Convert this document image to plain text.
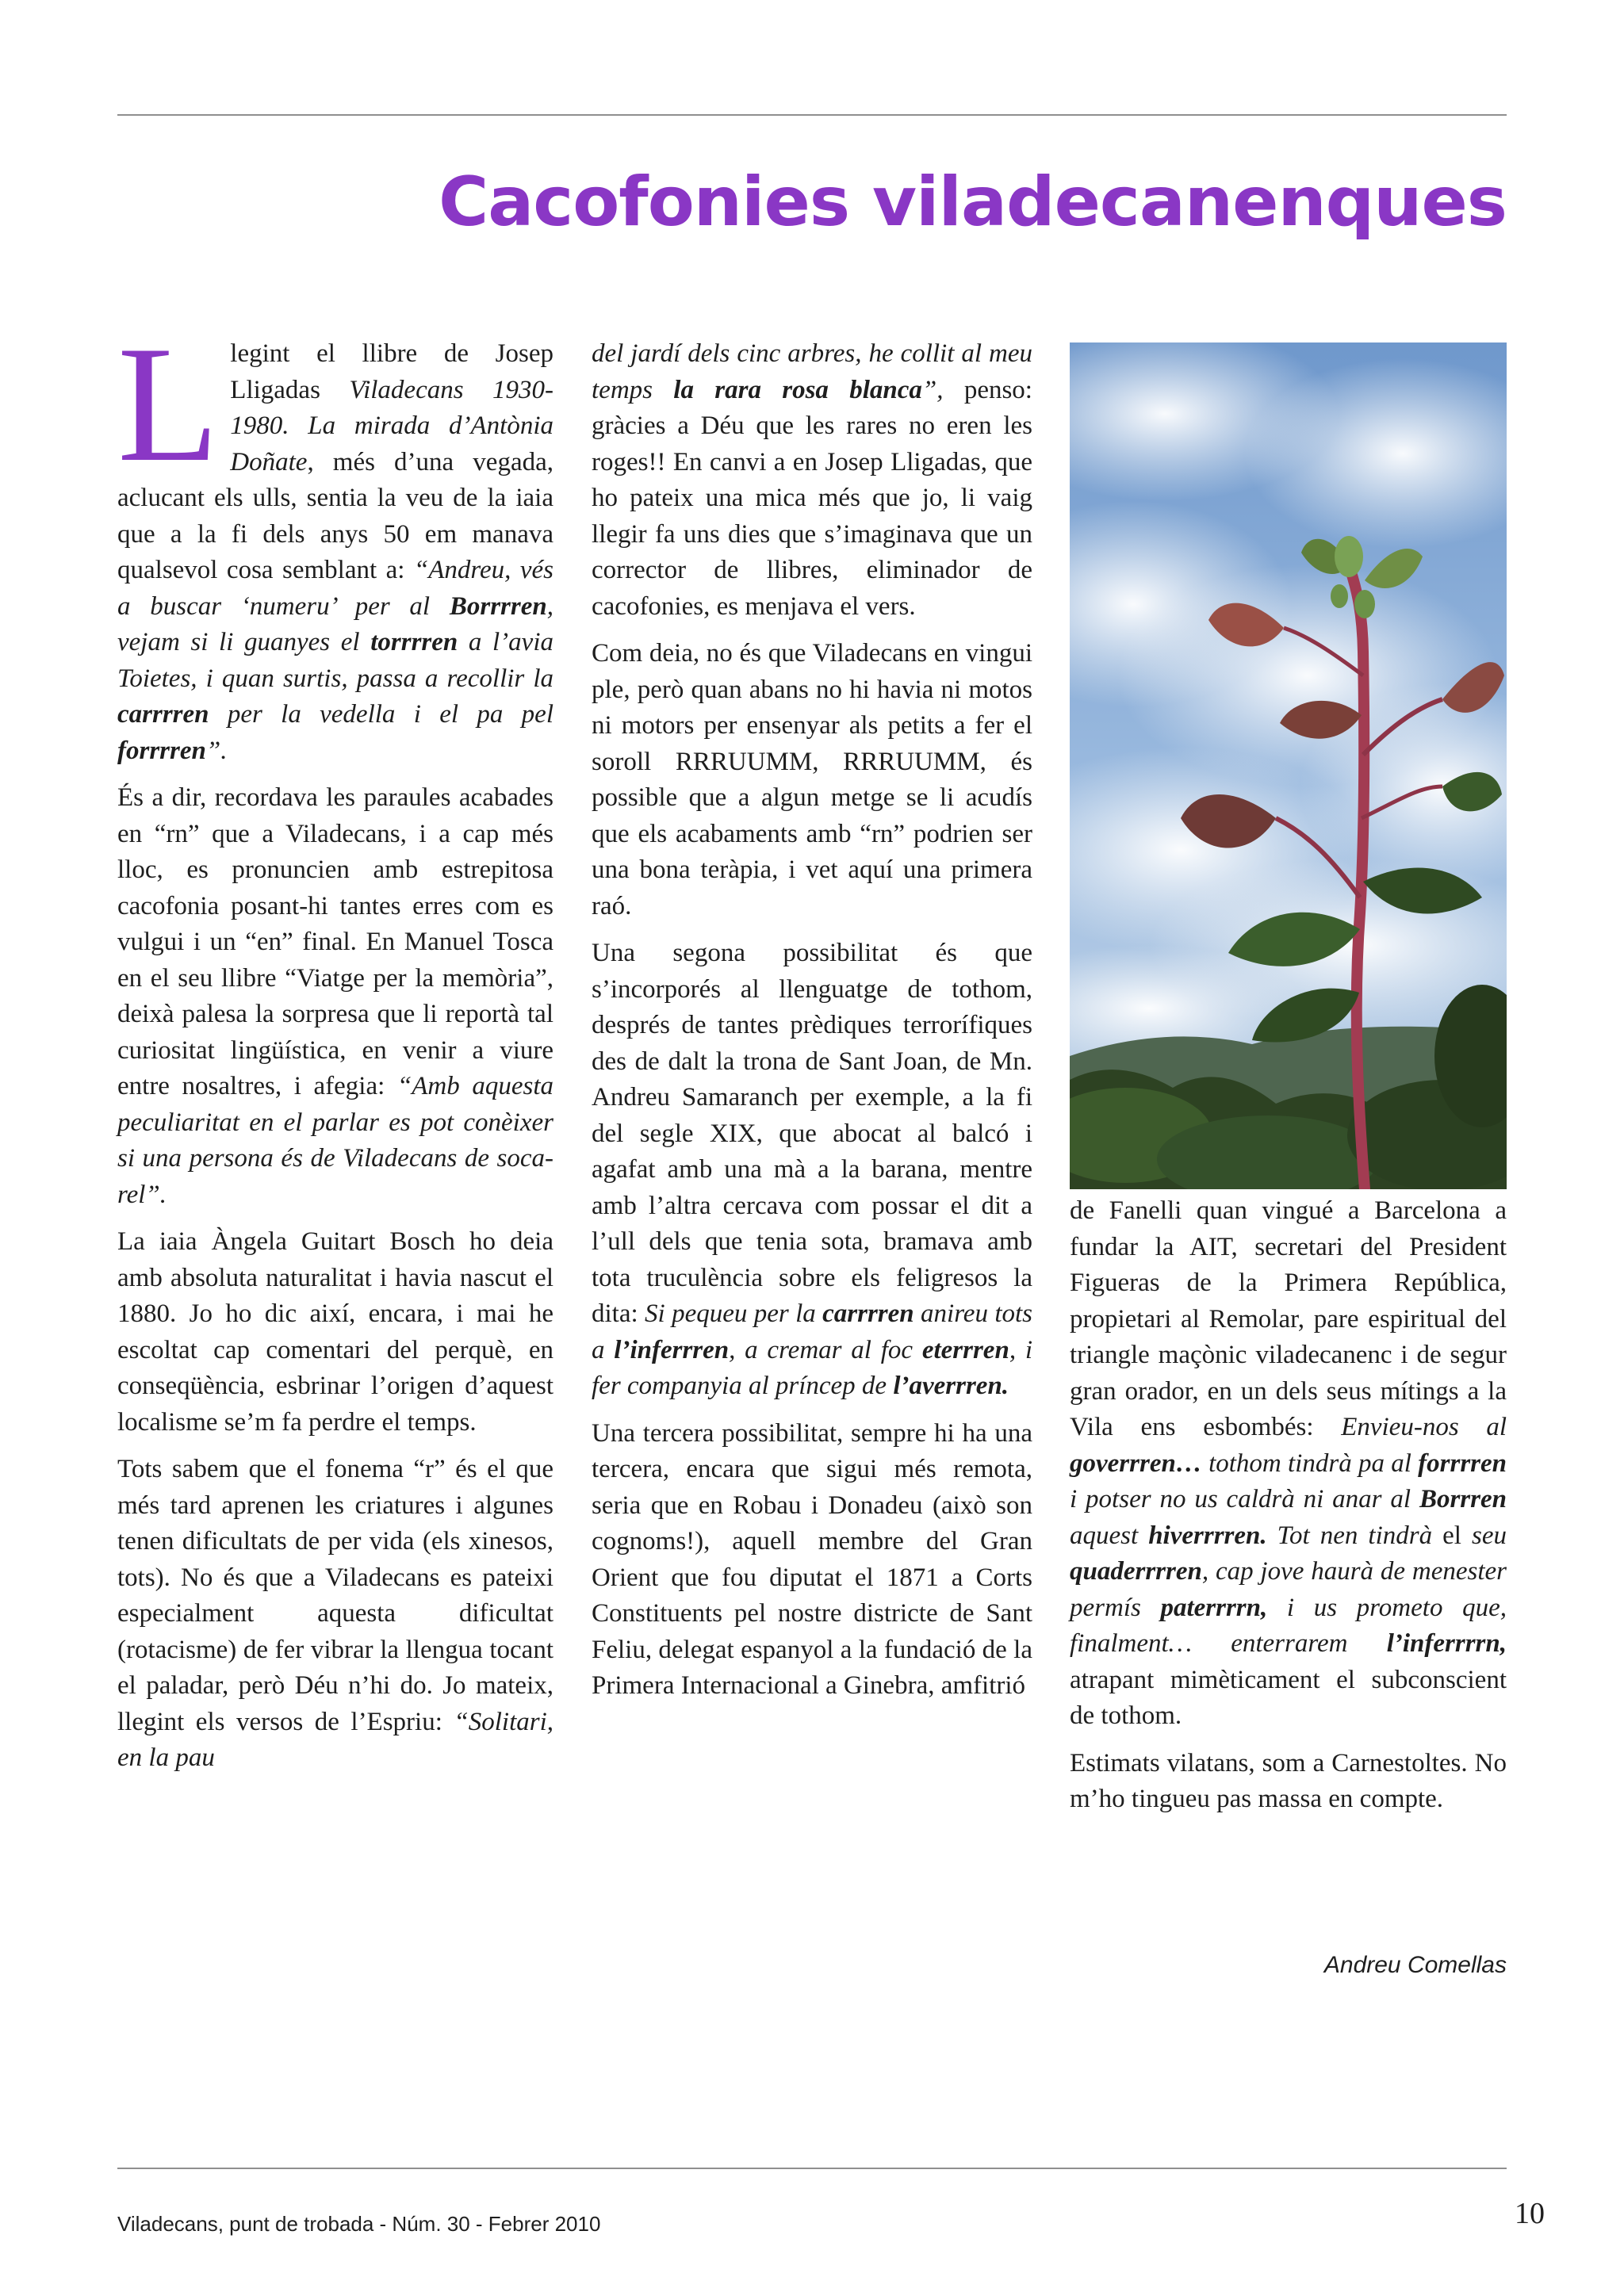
Cacofonies viladecanenques

Llegint el llibre de Josep Lligadas Viladecans 1930-1980. La mirada d’Antònia Doñate, més d’una vegada, aclucant els ulls, sentia la veu de la iaia que a la fi dels anys 50 em manava qualsevol cosa semblant a: “Andreu, vés a buscar ‘numeru’ per al Borrrren, vejam si li guanyes el torrrren a l’avia Toietes, i quan surtis, passa a recollir la carrrren per la vedella i el pa pel forrrren”.

És a dir, recordava les paraules acabades en “rn” que a Viladecans, i a cap més lloc, es pronuncien amb estrepitosa cacofonia posant-hi tantes erres com es vulgui i un “en” final. En Manuel Tosca en el seu llibre “Viatge per la memòria”, deixà palesa la sorpresa que li reportà tal curiositat lingüística, en venir a viure entre nosaltres, i afegia: “Amb aquesta peculiaritat en el parlar es pot conèixer si una persona és de Viladecans de soca-rel”.

La iaia Àngela Guitart Bosch ho deia amb absoluta naturalitat i havia nascut el 1880. Jo ho dic així, encara, i mai he escoltat cap comentari del perquè, en conseqüència, esbrinar l’origen d’aquest localisme se’m fa perdre el temps.

Tots sabem que el fonema “r” és el que més tard aprenen les criatures i algunes tenen dificultats de per vida (els xinesos, tots). No és que a Viladecans es pateixi especialment aquesta dificultat (rotacisme) de fer vibrar la llengua tocant el paladar, però Déu n’hi do. Jo mateix, llegint els versos de l’Espriu: “Solitari, en la pau

del jardí dels cinc arbres, he collit al meu temps la rara rosa blanca”, penso: gràcies a Déu que les rares no eren les roges!! En canvi a en Josep Lligadas, que ho pateix una mica més que jo, li vaig llegir fa uns dies que s’imaginava que un corrector de llibres, eliminador de cacofonies, es menjava el vers.

Com deia, no és que Viladecans en vingui ple, però quan abans no hi havia ni motos ni motors per ensenyar als petits a fer el soroll RRRUUMM, RRRUUMM, és possible que a algun metge se li acudís que els acabaments amb “rn” podrien ser una bona teràpia, i vet aquí una primera raó.

Una segona possibilitat és que s’incorporés al llenguatge de tothom, després de tantes prèdiques terrorífiques des de dalt la trona de Sant Joan, de Mn. Andreu Samaranch per exemple, a la fi del segle XIX, que abocat al balcó i agafat amb una mà a la barana, mentre amb l’altra cercava com possar el dit a l’ull dels que tenia sota, bramava amb tota truculència sobre els feligresos la dita: Si pequeu per la carrrren anireu tots a l’inferrren, a cremar al foc eterrren, i fer companyia al príncep de l’averrren.

Una tercera possibilitat, sempre hi ha una tercera, encara que sigui més remota, seria que en Robau i Donadeu (això son cognoms!), aquell membre del Gran Orient que fou diputat el 1871 a Corts Constituents pel nostre districte de Sant Feliu, delegat espanyol a la fundació de la Primera Internacional a Ginebra, amfitrió

de Fanelli quan vingué a Barcelona a fundar la AIT, secretari del President Figueras de la Primera República, propietari al Remolar, pare espiritual del triangle maçònic viladecanenc i de segur gran orador, en un dels seus mítings a la Vila ens esbombés: Envieu-nos al goverrren… tothom tindrà pa al forrrren i potser no us caldrà ni anar al Borrren aquest hiverrrren. Tot nen tindrà el seu quaderrrren, cap jove haurà de menester permís paterrrrn, i us prometo que, finalment… enterrarem l’inferrrrn, atrapant mimèticament el subconscient de tothom.

Estimats vilatans, som a Carnestoltes. No m’ho tingueu pas massa en compte.

Andreu Comellas

Viladecans, punt de trobada - Núm. 30 - Febrer 2010	10
